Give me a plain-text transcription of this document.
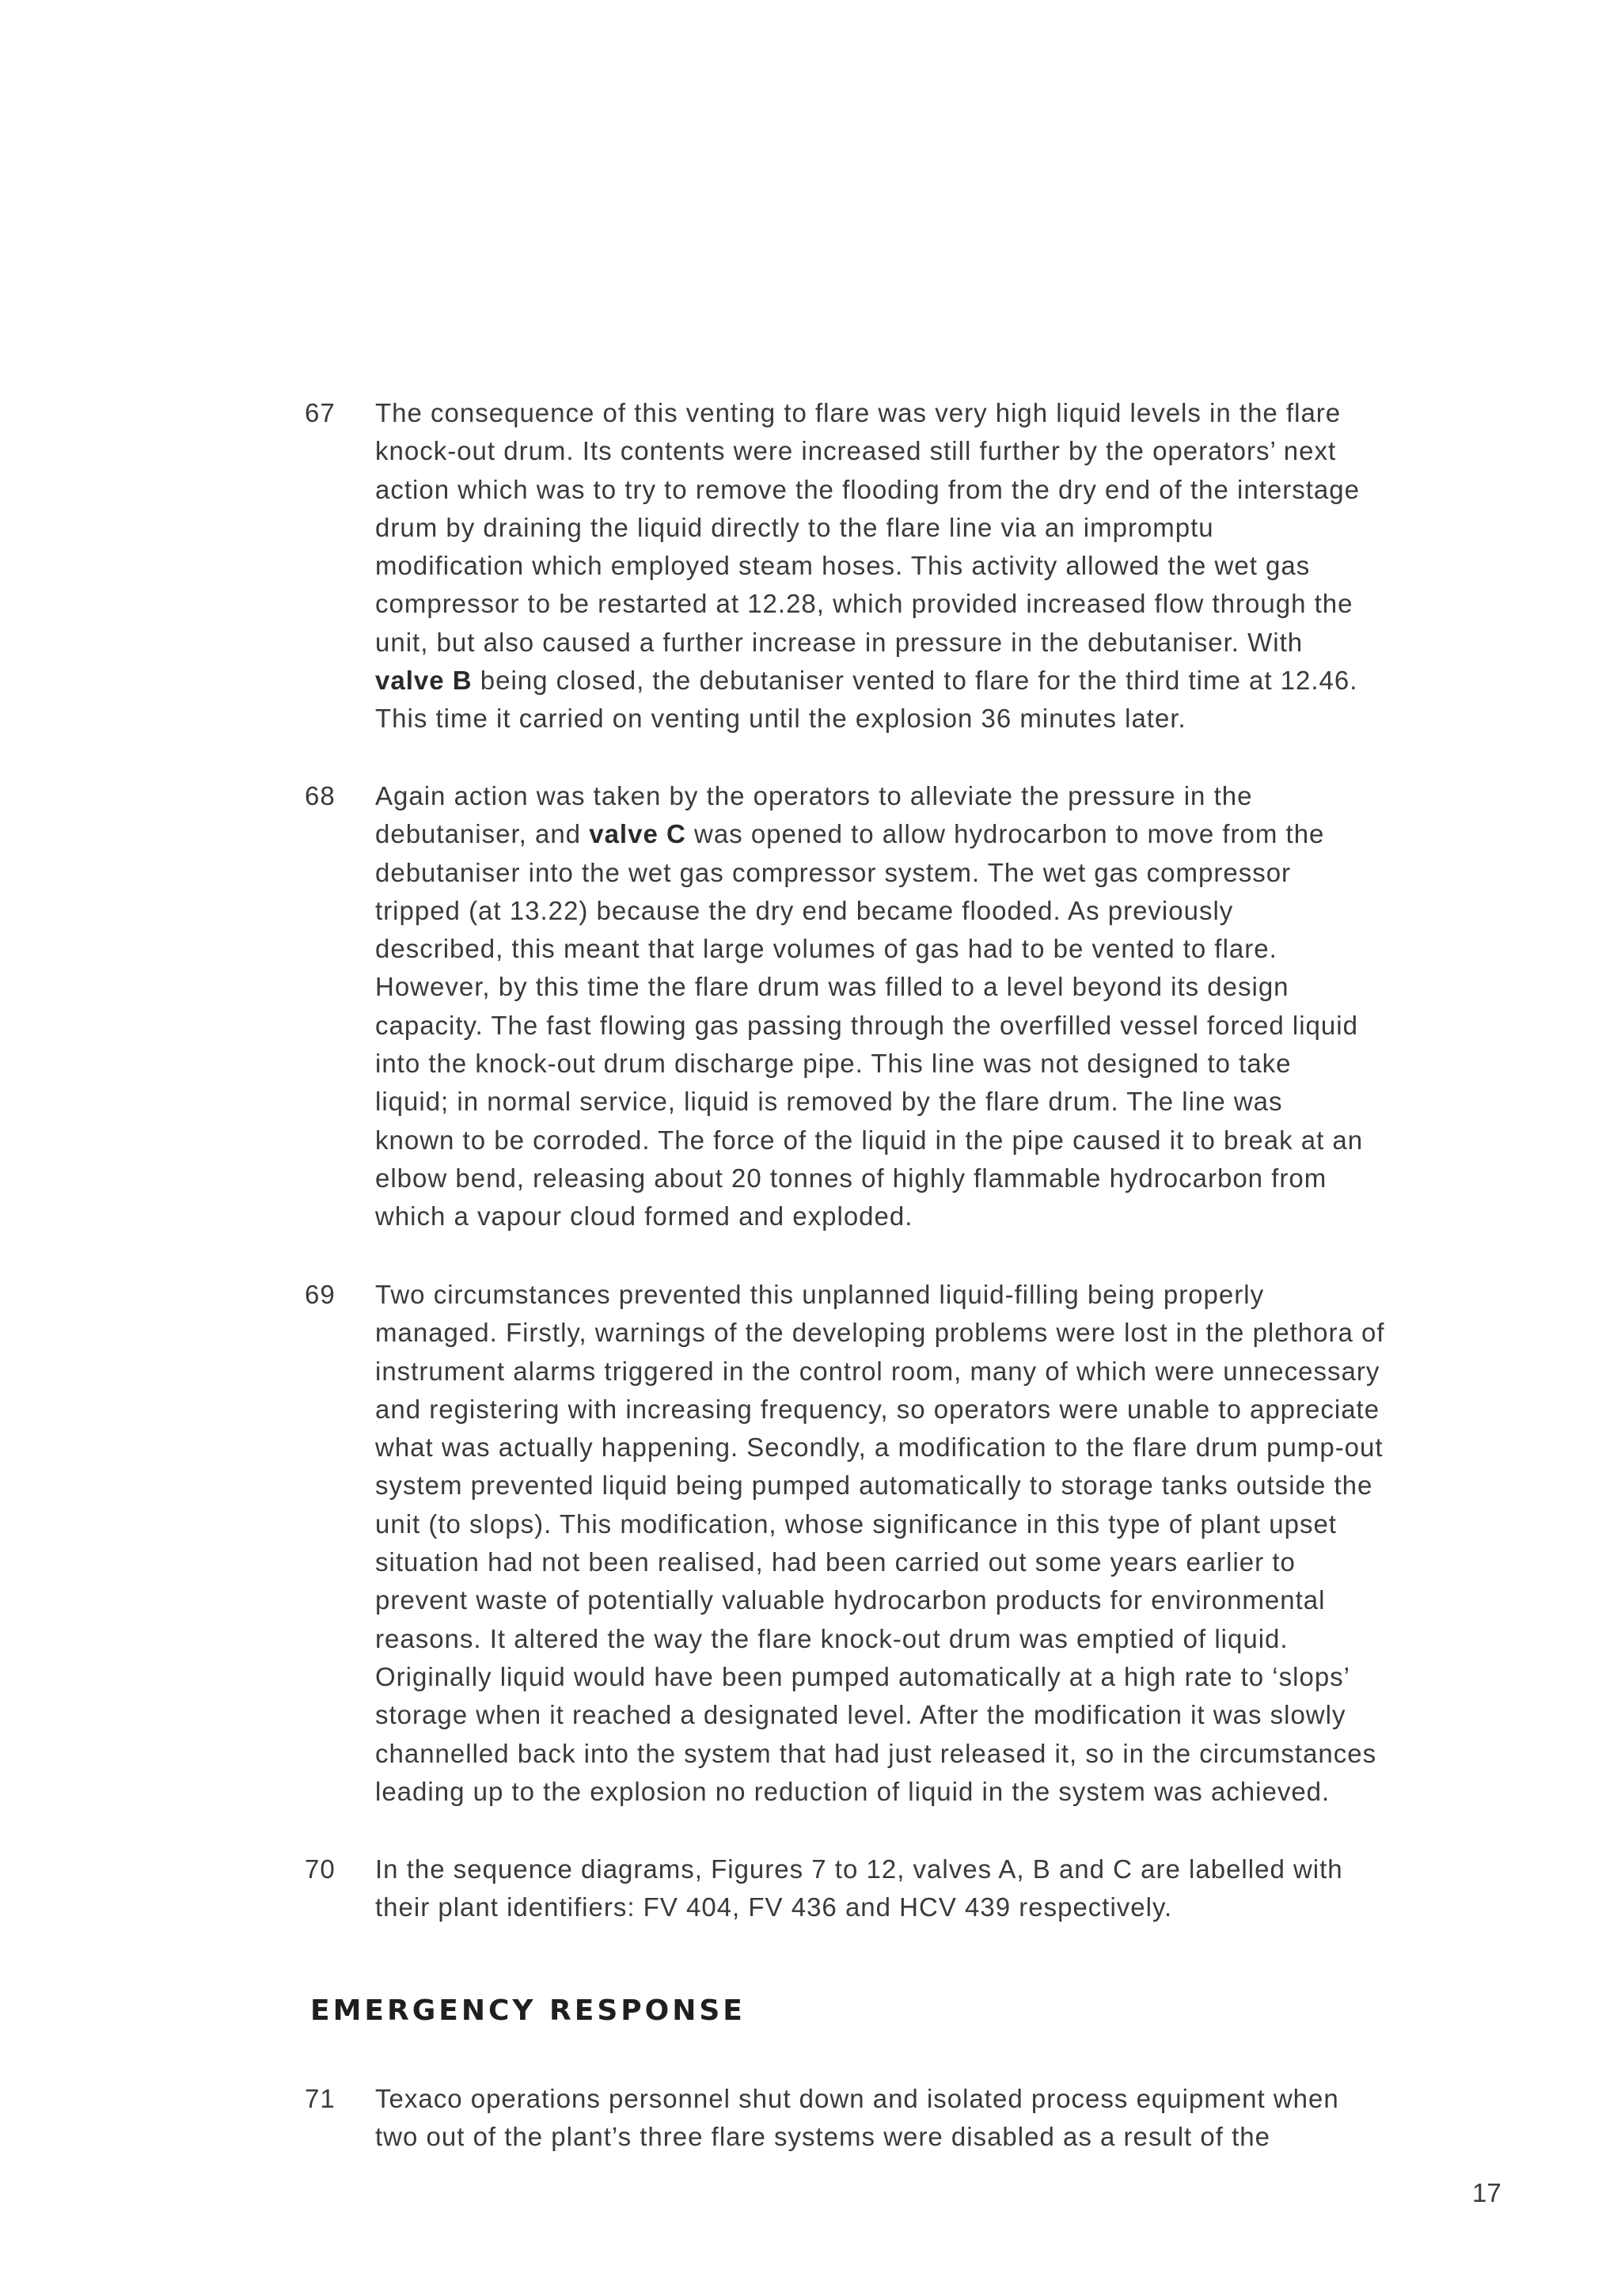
67	The consequence of this venting to flare was very high liquid levels in the flare
knock-out drum. Its contents were increased still further by the operators’ next
action which was to try to remove the flooding from the dry end of the interstage
drum by draining the liquid directly to the flare line via an impromptu
modification which employed steam hoses. This activity allowed the wet gas
compressor to be restarted at 12.28, which provided increased flow through the
unit, but also caused a further increase in pressure in the debutaniser. With
valve B being closed, the debutaniser vented to flare for the third time at 12.46.
This time it carried on venting until the explosion 36 minutes later.
68	Again action was taken by the operators to alleviate the pressure in the
debutaniser, and valve C was opened to allow hydrocarbon to move from the
debutaniser into the wet gas compressor system. The wet gas compressor
tripped (at 13.22) because the dry end became flooded. As previously
described, this meant that large volumes of gas had to be vented to flare.
However, by this time the flare drum was filled to a level beyond its design
capacity. The fast flowing gas passing through the overfilled vessel forced liquid
into the knock-out drum discharge pipe. This line was not designed to take
liquid; in normal service, liquid is removed by the flare drum. The line was
known to be corroded. The force of the liquid in the pipe caused it to break at an
elbow bend, releasing about 20 tonnes of highly flammable hydrocarbon from
which a vapour cloud formed and exploded.
69	Two circumstances prevented this unplanned liquid-filling being properly
managed. Firstly, warnings of the developing problems were lost in the plethora of
instrument alarms triggered in the control room, many of which were unnecessary
and registering with increasing frequency, so operators were unable to appreciate
what was actually happening. Secondly, a modification to the flare drum pump-out
system prevented liquid being pumped automatically to storage tanks outside the
unit (to slops). This modification, whose significance in this type of plant upset
situation had not been realised, had been carried out some years earlier to
prevent waste of potentially valuable hydrocarbon products for environmental
reasons. It altered the way the flare knock-out drum was emptied of liquid.
Originally liquid would have been pumped automatically at a high rate to ‘slops’
storage when it reached a designated level. After the modification it was slowly
channelled back into the system that had just released it, so in the circumstances
leading up to the explosion no reduction of liquid in the system was achieved.
70	In the sequence diagrams, Figures 7 to 12, valves A, B and C are labelled with
their plant identifiers: FV 404, FV 436 and HCV 439 respectively.
EMERGENCY RESPONSE
71	Texaco operations personnel shut down and isolated process equipment when
two out of the plant’s three flare systems were disabled as a result of the
17
